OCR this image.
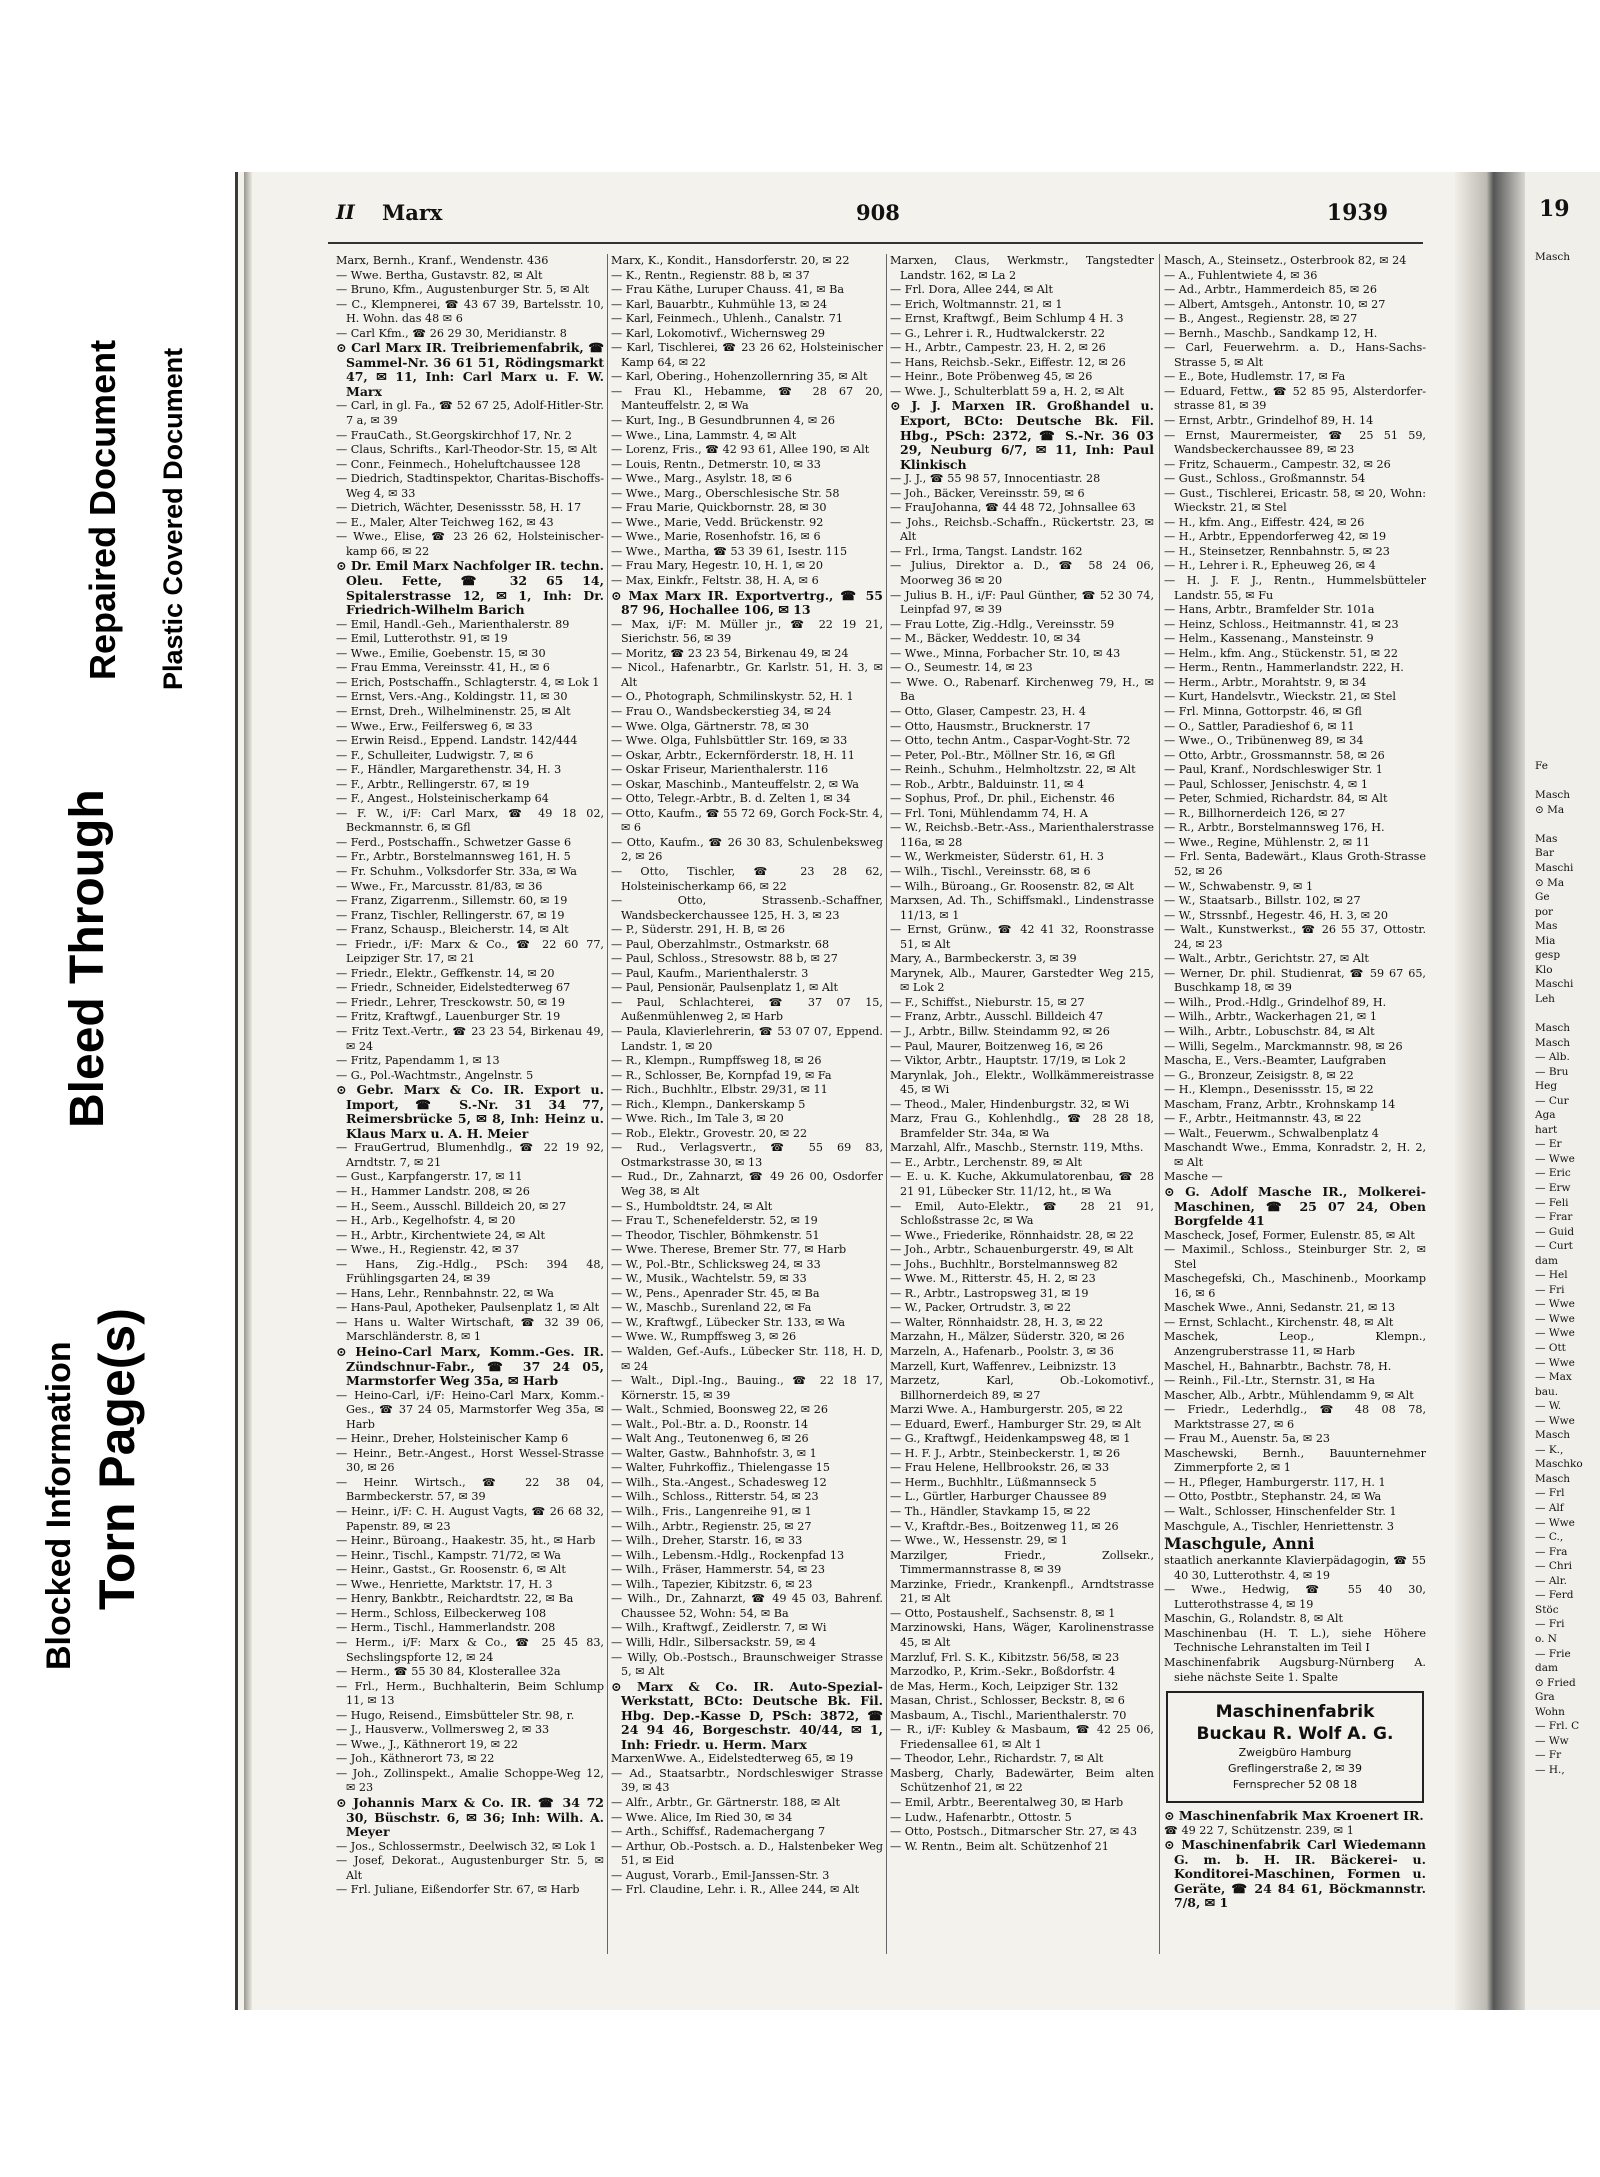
Blocked Information Torn Page(s)
Bleed Through
Repaired Document Plastic Covered Document
II Marx	908	1939

Marx, Bernh., Kranf., Wendenstr. 436

— Wwe. Bertha, Gustavstr. 82, ✉ Alt

— Bruno, Kfm., Augustenburger Str. 5, ✉ Alt

— C., Klempnerei, ☎ 43 67 39, Bartelsstr. 10, H. Wohn. das 48 ✉ 6

— Carl Kfm., ☎ 26 29 30, Meridianstr. 8

⊙ Carl Marx IR. Treibriemenfabrik, ☎ Sammel-Nr. 36 61 51, Rödingsmarkt 47, ✉ 11, Inh: Carl Marx u. F. W. Marx

— Carl, in gl. Fa., ☎ 52 67 25, Adolf-Hitler-Str. 7 a, ✉ 39

— FrauCath., St.Georgskirchhof 17, Nr. 2

— Claus, Schrifts., Karl-Theodor-Str. 15, ✉ Alt

— Conr., Feinmech., Hoheluftchaussee 128

— Diedrich, Stadtinspektor, Charitas-Bischoffs-Weg 4, ✉ 33

— Dietrich, Wächter, Desenissstr. 58, H. 17

— E., Maler, Alter Teichweg 162, ✉ 43

— Wwe., Elise, ☎ 23 26 62, Holsteinischer-kamp 66, ✉ 22

⊙ Dr. Emil Marx Nachfolger IR. techn. Oleu. Fette, ☎ 32 65 14, Spitalerstrasse 12, ✉ 1, Inh: Dr. Friedrich-Wilhelm Barich

— Emil, Handl.-Geh., Marienthalerstr. 89

— Emil, Lutterothstr. 91, ✉ 19

— Wwe., Emilie, Goebenstr. 15, ✉ 30

— Frau Emma, Vereinsstr. 41, H., ✉ 6

— Erich, Postschaffn., Schlagterstr. 4, ✉ Lok 1

— Ernst, Vers.-Ang., Koldingstr. 11, ✉ 30

— Ernst, Dreh., Wilhelminenstr. 25, ✉ Alt

— Wwe., Erw., Feilfersweg 6, ✉ 33

— Erwin Reisd., Eppend. Landstr. 142/444

— F., Schulleiter, Ludwigstr. 7, ✉ 6

— F., Händler, Margarethenstr. 34, H. 3

— F., Arbtr., Rellingerstr. 67, ✉ 19

— F., Angest., Holsteinischerkamp 64

— F. W., i/F: Carl Marx, ☎ 49 18 02, Beckmannstr. 6, ✉ Gfl

— Ferd., Postschaffn., Schwetzer Gasse 6

— Fr., Arbtr., Borstelmannsweg 161, H. 5

— Fr. Schuhm., Volksdorfer Str. 33a, ✉ Wa

— Wwe., Fr., Marcusstr. 81/83, ✉ 36

— Franz, Zigarrenm., Sillemstr. 60, ✉ 19

— Franz, Tischler, Rellingerstr. 67, ✉ 19

— Franz, Schausp., Bleicherstr. 14, ✉ Alt

— Friedr., i/F: Marx & Co., ☎ 22 60 77, Leipziger Str. 17, ✉ 21

— Friedr., Elektr., Geffkenstr. 14, ✉ 20

— Friedr., Schneider, Eidelstedterweg 67

— Friedr., Lehrer, Tresckowstr. 50, ✉ 19

— Fritz, Kraftwgf., Lauenburger Str. 19

— Fritz Text.-Vertr., ☎ 23 23 54, Birkenau 49, ✉ 24

— Fritz, Papendamm 1, ✉ 13

— G., Pol.-Wachtmstr., Angelnstr. 5

⊙ Gebr. Marx & Co. IR. Export u. Import, ☎ S.-Nr. 31 34 77, Reimersbrücke 5, ✉ 8, Inh: Heinz u. Klaus Marx u. A. H. Meier

— FrauGertrud, Blumenhdlg., ☎ 22 19 92, Arndtstr. 7, ✉ 21

— Gust., Karpfangerstr. 17, ✉ 11

— H., Hammer Landstr. 208, ✉ 26

— H., Seem., Ausschl. Billdeich 20, ✉ 27

— H., Arb., Kegelhofstr. 4, ✉ 20

— H., Arbtr., Kirchentwiete 24, ✉ Alt

— Wwe., H., Regienstr. 42, ✉ 37

— Hans, Zig.-Hdlg., PSch: 394 48, Frühlingsgarten 24, ✉ 39

— Hans, Lehr., Rennbahnstr. 22, ✉ Wa

— Hans-Paul, Apotheker, Paulsenplatz 1, ✉ Alt

— Hans u. Walter Wirtschaft, ☎ 32 39 06, Marschländerstr. 8, ✉ 1

⊙ Heino-Carl Marx, Komm.-Ges. IR. Zündschnur-Fabr., ☎ 37 24 05, Marmstorfer Weg 35a, ✉ Harb

— Heino-Carl, i/F: Heino-Carl Marx, Komm.-Ges., ☎ 37 24 05, Marmstorfer Weg 35a, ✉ Harb

— Heinr., Dreher, Holsteinischer Kamp 6

— Heinr., Betr.-Angest., Horst Wessel-Strasse 30, ✉ 26

— Heinr. Wirtsch., ☎ 22 38 04, Barmbeckerstr. 57, ✉ 39

— Heinr., i/F: C. H. August Vagts, ☎ 26 68 32, Papenstr. 89, ✉ 23

— Heinr., Büroang., Haakestr. 35, ht., ✉ Harb

— Heinr., Tischl., Kampstr. 71/72, ✉ Wa

— Heinr., Gastst., Gr. Roosenstr. 6, ✉ Alt

— Wwe., Henriette, Marktstr. 17, H. 3

— Henry, Bankbtr., Reichardtstr. 22, ✉ Ba

— Herm., Schloss, Eilbeckerweg 108

— Herm., Tischl., Hammerlandstr. 208

— Herm., i/F: Marx & Co., ☎ 25 45 83, Sechslingspforte 12, ✉ 24

— Herm., ☎ 55 30 84, Klosterallee 32a

— Frl., Herm., Buchhalterin, Beim Schlump 11, ✉ 13

— Hugo, Reisend., Eimsbütteler Str. 98, r.

— J., Hausverw., Vollmersweg 2, ✉ 33

— Wwe., J., Käthnerort 19, ✉ 22

— Joh., Käthnerort 73, ✉ 22

— Joh., Zollinspekt., Amalie Schoppe-Weg 12, ✉ 23

⊙ Johannis Marx & Co. IR. ☎ 34 72 30, Büschstr. 6, ✉ 36; Inh: Wilh. A. Meyer

— Jos., Schlossermstr., Deelwisch 32, ✉ Lok 1

— Josef, Dekorat., Augustenburger Str. 5, ✉ Alt

— Frl. Juliane, Eißendorfer Str. 67, ✉ Harb

Marx, K., Kondit., Hansdorferstr. 20, ✉ 22

— K., Rentn., Regienstr. 88 b, ✉ 37

— Frau Käthe, Luruper Chauss. 41, ✉ Ba

— Karl, Bauarbtr., Kuhmühle 13, ✉ 24

— Karl, Feinmech., Uhlenh., Canalstr. 71

— Karl, Lokomotivf., Wichernsweg 29

— Karl, Tischlerei, ☎ 23 26 62, Holsteinischer Kamp 64, ✉ 22

— Karl, Obering., Hohenzollernring 35, ✉ Alt

— Frau Kl., Hebamme, ☎ 28 67 20, Manteuffelstr. 2, ✉ Wa

— Kurt, Ing., B Gesundbrunnen 4, ✉ 26

— Wwe., Lina, Lammstr. 4, ✉ Alt

— Lorenz, Fris., ☎ 42 93 61, Allee 190, ✉ Alt

— Louis, Rentn., Detmerstr. 10, ✉ 33

— Wwe., Marg., Asylstr. 18, ✉ 6

— Wwe., Marg., Oberschlesische Str. 58

— Frau Marie, Quickbornstr. 28, ✉ 30

— Wwe., Marie, Vedd. Brückenstr. 92

— Wwe., Marie, Rosenhofstr. 16, ✉ 6

— Wwe., Martha, ☎ 53 39 61, Isestr. 115

— Frau Mary, Hegestr. 10, H. 1, ✉ 20

— Max, Einkfr., Feltstr. 38, H. A, ✉ 6

⊙ Max Marx IR. Exportvertrg., ☎ 55 87 96, Hochallee 106, ✉ 13

— Max, i/F: M. Müller jr., ☎ 22 19 21, Sierichstr. 56, ✉ 39

— Moritz, ☎ 23 23 54, Birkenau 49, ✉ 24

— Nicol., Hafenarbtr., Gr. Karlstr. 51, H. 3, ✉ Alt

— O., Photograph, Schmilinskystr. 52, H. 1

— Frau O., Wandsbeckerstieg 34, ✉ 24

— Wwe. Olga, Gärtnerstr. 78, ✉ 30

— Wwe. Olga, Fuhlsbüttler Str. 169, ✉ 33

— Oskar, Arbtr., Eckernförderstr. 18, H. 11

— Oskar Friseur, Marienthalerstr. 116

— Oskar, Maschinb., Manteuffelstr. 2, ✉ Wa

— Otto, Telegr.-Arbtr., B. d. Zelten 1, ✉ 34

— Otto, Kaufm., ☎ 55 72 69, Gorch Fock-Str. 4, ✉ 6

— Otto, Kaufm., ☎ 26 30 83, Schulenbeksweg 2, ✉ 26

— Otto, Tischler, ☎ 23 28 62, Holsteinischerkamp 66, ✉ 22

— Otto, Strassenb.-Schaffner, Wandsbeckerchaussee 125, H. 3, ✉ 23

— P., Süderstr. 291, H. B, ✉ 26

— Paul, Oberzahlmstr., Ostmarkstr. 68

— Paul, Schloss., Stresowstr. 88 b, ✉ 27

— Paul, Kaufm., Marienthalerstr. 3

— Paul, Pensionär, Paulsenplatz 1, ✉ Alt

— Paul, Schlachterei, ☎ 37 07 15, Außenmühlenweg 2, ✉ Harb

— Paula, Klavierlehrerin, ☎ 53 07 07, Eppend. Landstr. 1, ✉ 20

— R., Klempn., Rumpffsweg 18, ✉ 26

— R., Schlosser, Be, Kornpfad 19, ✉ Fa

— Rich., Buchhltr., Elbstr. 29/31, ✉ 11

— Rich., Klempn., Dankerskamp 5

— Wwe. Rich., Im Tale 3, ✉ 20

— Rob., Elektr., Grovestr. 20, ✉ 22

— Rud., Verlagsvertr., ☎ 55 69 83, Ostmarkstrasse 30, ✉ 13

— Rud., Dr., Zahnarzt, ☎ 49 26 00, Osdorfer Weg 38, ✉ Alt

— S., Humboldtstr. 24, ✉ Alt

— Frau T., Schenefelderstr. 52, ✉ 19

— Theodor, Tischler, Böhmkenstr. 51

— Wwe. Therese, Bremer Str. 77, ✉ Harb

— W., Pol.-Btr., Schlicksweg 24, ✉ 33

— W., Musik., Wachtelstr. 59, ✉ 33

— W., Pens., Apenrader Str. 45, ✉ Ba

— W., Maschb., Surenland 22, ✉ Fa

— W., Kraftwgf., Lübecker Str. 133, ✉ Wa

— Wwe. W., Rumpffsweg 3, ✉ 26

— Walden, Gef.-Aufs., Lübecker Str. 118, H. D, ✉ 24

— Walt., Dipl.-Ing., Bauing., ☎ 22 18 17, Körnerstr. 15, ✉ 39

— Walt., Schmied, Boonsweg 22, ✉ 26

— Walt., Pol.-Btr. a. D., Roonstr. 14

— Walt Ang., Teutonenweg 6, ✉ 26

— Walter, Gastw., Bahnhofstr. 3, ✉ 1

— Walter, Fuhrkoffiz., Thielengasse 15

— Wilh., Sta.-Angest., Schadesweg 12

— Wilh., Schloss., Ritterstr. 54, ✉ 23

— Wilh., Fris., Langenreihe 91, ✉ 1

— Wilh., Arbtr., Regienstr. 25, ✉ 27

— Wilh., Dreher, Starstr. 16, ✉ 33

— Wilh., Lebensm.-Hdlg., Rockenpfad 13

— Wilh., Fräser, Hammerstr. 54, ✉ 23

— Wilh., Tapezier, Kibitzstr. 6, ✉ 23

— Wilh., Dr., Zahnarzt, ☎ 49 45 03, Bahrenf. Chaussee 52, Wohn: 54, ✉ Ba

— Wilh., Kraftwgf., Zeidlerstr. 7, ✉ Wi

— Willi, Hdlr., Silbersackstr. 59, ✉ 4

— Willy, Ob.-Postsch., Braunschweiger Strasse 5, ✉ Alt

⊙ Marx & Co. IR. Auto-Spezial-Werkstatt, BCto: Deutsche Bk. Fil. Hbg. Dep.-Kasse D, PSch: 3872, ☎ 24 94 46, Borgeschstr. 40/44, ✉ 1, Inh: Friedr. u. Herm. Marx

MarxenWwe. A., Eidelstedterweg 65, ✉ 19

— Ad., Staatsarbtr., Nordschleswiger Strasse 39, ✉ 43

— Alfr., Arbtr., Gr. Gärtnerstr. 188, ✉ Alt

— Wwe. Alice, Im Ried 30, ✉ 34

— Arth., Schiffsf., Rademachergang 7

— Arthur, Ob.-Postsch. a. D., Halstenbeker Weg 51, ✉ Eid

— August, Vorarb., Emil-Janssen-Str. 3

— Frl. Claudine, Lehr. i. R., Allee 244, ✉ Alt

Marxen, Claus, Werkmstr., Tangstedter Landstr. 162, ✉ La 2

— Frl. Dora, Allee 244, ✉ Alt

— Erich, Woltmannstr. 21, ✉ 1

— Ernst, Kraftwgf., Beim Schlump 4 H. 3

— G., Lehrer i. R., Hudtwalckerstr. 22

— H., Arbtr., Campestr. 23, H. 2, ✉ 26

— Hans, Reichsb.-Sekr., Eiffestr. 12, ✉ 26

— Heinr., Bote Pröbenweg 45, ✉ 26

— Wwe. J., Schulterblatt 59 a, H. 2, ✉ Alt

⊙ J. J. Marxen IR. Großhandel u. Export, BCto: Deutsche Bk. Fil. Hbg., PSch: 2372, ☎ S.-Nr. 36 03 29, Neuburg 6/7, ✉ 11, Inh: Paul Klinkisch

— J. J., ☎ 55 98 57, Innocentiastr. 28

— Joh., Bäcker, Vereinsstr. 59, ✉ 6

— FrauJohanna, ☎ 44 48 72, Johnsallee 63

— Johs., Reichsb.-Schaffn., Rückertstr. 23, ✉ Alt

— Frl., Irma, Tangst. Landstr. 162

— Julius, Direktor a. D., ☎ 58 24 06, Moorweg 36 ✉ 20

— Julius B. H., i/F: Paul Günther, ☎ 52 30 74, Leinpfad 97, ✉ 39

— Frau Lotte, Zig.-Hdlg., Vereinsstr. 59

— M., Bäcker, Weddestr. 10, ✉ 34

— Wwe., Minna, Forbacher Str. 10, ✉ 43

— O., Seumestr. 14, ✉ 23

— Wwe. O., Rabenarf. Kirchenweg 79, H., ✉ Ba

— Otto, Glaser, Campestr. 23, H. 4

— Otto, Hausmstr., Brucknerstr. 17

— Otto, techn Antm., Caspar-Voght-Str. 72

— Peter, Pol.-Btr., Möllner Str. 16, ✉ Gfl

— Reinh., Schuhm., Helmholtzstr. 22, ✉ Alt

— Rob., Arbtr., Balduinstr. 11, ✉ 4

— Sophus, Prof., Dr. phil., Eichenstr. 46

— Frl. Toni, Mühlendamm 74, H. A

— W., Reichsb.-Betr.-Ass., Marienthalerstrasse 116a, ✉ 28

— W., Werkmeister, Süderstr. 61, H. 3

— Wilh., Tischl., Vereinsstr. 68, ✉ 6

— Wilh., Büroang., Gr. Roosenstr. 82, ✉ Alt

Marxsen, Ad. Th., Schiffsmakl., Lindenstrasse 11/13, ✉ 1

— Ernst, Grünw., ☎ 42 41 32, Roonstrasse 51, ✉ Alt

Mary, A., Barmbeckerstr. 3, ✉ 39

Marynek, Alb., Maurer, Garstedter Weg 215, ✉ Lok 2

— F., Schiffst., Nieburstr. 15, ✉ 27

— Franz, Arbtr., Ausschl. Billdeich 47

— J., Arbtr., Billw. Steindamm 92, ✉ 26

— Paul, Maurer, Boitzenweg 16, ✉ 26

— Viktor, Arbtr., Hauptstr. 17/19, ✉ Lok 2

Marynlak, Joh., Elektr., Wollkämmereistrasse 45, ✉ Wi

— Theod., Maler, Hindenburgstr. 32, ✉ Wi

Marz, Frau G., Kohlenhdlg., ☎ 28 28 18, Bramfelder Str. 34a, ✉ Wa

Marzahl, Alfr., Maschb., Sternstr. 119, Mths.

— E., Arbtr., Lerchenstr. 89, ✉ Alt

— E. u. K. Kuche, Akkumulatorenbau, ☎ 28 21 91, Lübecker Str. 11/12, ht., ✉ Wa

— Emil, Auto-Elektr., ☎ 28 21 91, Schloßstrasse 2c, ✉ Wa

— Wwe., Friederike, Rönnhaidstr. 28, ✉ 22

— Joh., Arbtr., Schauenburgerstr. 49, ✉ Alt

— Johs., Buchhltr., Borstelmannsweg 82

— Wwe. M., Ritterstr. 45, H. 2, ✉ 23

— R., Arbtr., Lastropsweg 31, ✉ 19

— W., Packer, Ortrudstr. 3, ✉ 22

— Walter, Rönnhaidstr. 28, H. 3, ✉ 22

Marzahn, H., Mälzer, Süderstr. 320, ✉ 26

Marzeln, A., Hafenarb., Poolstr. 3, ✉ 36

Marzell, Kurt, Waffenrev., Leibnizstr. 13

Marzetz, Karl, Ob.-Lokomotivf., Billhornerdeich 89, ✉ 27

Marzi Wwe. A., Hamburgerstr. 205, ✉ 22

— Eduard, Ewerf., Hamburger Str. 29, ✉ Alt

— G., Kraftwgf., Heidenkampsweg 48, ✉ 1

— H. F. J., Arbtr., Steinbeckerstr. 1, ✉ 26

— Frau Helene, Hellbrookstr. 26, ✉ 33

— Herm., Buchhltr., Lüßmannseck 5

— L., Gürtler, Harburger Chaussee 89

— Th., Händler, Stavkamp 15, ✉ 22

— V., Kraftdr.-Bes., Boitzenweg 11, ✉ 26

— Wwe., W., Hessenstr. 29, ✉ 1

Marzilger, Friedr., Zollsekr., Timmermannstrasse 8, ✉ 39

Marzinke, Friedr., Krankenpfl., Arndtstrasse 21, ✉ Alt

— Otto, Postaushelf., Sachsenstr. 8, ✉ 1

Marzinowski, Hans, Wäger, Karolinenstrasse 45, ✉ Alt

Marzluf, Frl. S. K., Kibitzstr. 56/58, ✉ 23

Marzodko, P., Krim.-Sekr., Boßdorfstr. 4

de Mas, Herm., Koch, Leipziger Str. 132

Masan, Christ., Schlosser, Beckstr. 8, ✉ 6

Masbaum, A., Tischl., Marienthalerstr. 70

— R., i/F: Kubley & Masbaum, ☎ 42 25 06, Friedensallee 61, ✉ Alt 1

— Theodor, Lehr., Richardstr. 7, ✉ Alt

Masberg, Charly, Badewärter, Beim alten Schützenhof 21, ✉ 22

— Emil, Arbtr., Beerentalweg 30, ✉ Harb

— Ludw., Hafenarbtr., Ottostr. 5

— Otto, Postsch., Ditmarscher Str. 27, ✉ 43

— W. Rentn., Beim alt. Schützenhof 21

Masch, A., Steinsetz., Osterbrook 82, ✉ 24

— A., Fuhlentwiete 4, ✉ 36

— Ad., Arbtr., Hammerdeich 85, ✉ 26

— Albert, Amtsgeh., Antonstr. 10, ✉ 27

— B., Angest., Regienstr. 28, ✉ 27

— Bernh., Maschb., Sandkamp 12, H.

— Carl, Feuerwehrm. a. D., Hans-Sachs-Strasse 5, ✉ Alt

— E., Bote, Hudlemstr. 17, ✉ Fa

— Eduard, Fettw., ☎ 52 85 95, Alsterdorfer-strasse 81, ✉ 39

— Ernst, Arbtr., Grindelhof 89, H. 14

— Ernst, Maurermeister, ☎ 25 51 59, Wandsbeckerchaussee 89, ✉ 23

— Fritz, Schauerm., Campestr. 32, ✉ 26

— Gust., Schloss., Großmannstr. 54

— Gust., Tischlerei, Ericastr. 58, ✉ 20, Wohn: Wieckstr. 21, ✉ Stel

— H., kfm. Ang., Eiffestr. 424, ✉ 26

— H., Arbtr., Eppendorferweg 42, ✉ 19

— H., Steinsetzer, Rennbahnstr. 5, ✉ 23

— H., Lehrer i. R., Epheuweg 26, ✉ 4

— H. J. F. J., Rentn., Hummelsbütteler Landstr. 55, ✉ Fu

— Hans, Arbtr., Bramfelder Str. 101a

— Heinz, Schloss., Heitmannstr. 41, ✉ 23

— Helm., Kassenang., Mansteinstr. 9

— Helm., kfm. Ang., Stückenstr. 51, ✉ 22

— Herm., Rentn., Hammerlandstr. 222, H.

— Herm., Arbtr., Morahtstr. 9, ✉ 34

— Kurt, Handelsvtr., Wieckstr. 21, ✉ Stel

— Frl. Minna, Gottorpstr. 46, ✉ Gfl

— O., Sattler, Paradieshof 6, ✉ 11

— Wwe., O., Tribünenweg 89, ✉ 34

— Otto, Arbtr., Grossmannstr. 58, ✉ 26

— Paul, Kranf., Nordschleswiger Str. 1

— Paul, Schlosser, Jenischstr. 4, ✉ 1

— Peter, Schmied, Richardstr. 84, ✉ Alt

— R., Billhornerdeich 126, ✉ 27

— R., Arbtr., Borstelmannsweg 176, H.

— Wwe., Regine, Mühlenstr. 2, ✉ 11

— Frl. Senta, Badewärt., Klaus Groth-Strasse 52, ✉ 26

— W., Schwabenstr. 9, ✉ 1

— W., Staatsarb., Billstr. 102, ✉ 27

— W., Strssnbf., Hegestr. 46, H. 3, ✉ 20

— Walt., Kunstwerkst., ☎ 26 55 37, Ottostr. 24, ✉ 23

— Walt., Arbtr., Gerichtstr. 27, ✉ Alt

— Werner, Dr. phil. Studienrat, ☎ 59 67 65, Buschkamp 18, ✉ 39

— Wilh., Prod.-Hdlg., Grindelhof 89, H.

— Wilh., Arbtr., Wackerhagen 21, ✉ 1

— Wilh., Arbtr., Lobuschstr. 84, ✉ Alt

— Willi, Segelm., Marckmannstr. 98, ✉ 26

Mascha, E., Vers.-Beamter, Laufgraben

— G., Bronzeur, Zeisigstr. 8, ✉ 22

— H., Klempn., Desenissstr. 15, ✉ 22

Mascham, Franz, Arbtr., Krohnskamp 14

— F., Arbtr., Heitmannstr. 43, ✉ 22

— Walt., Feuerwm., Schwalbenplatz 4

Maschandt Wwe., Emma, Konradstr. 2, H. 2, ✉ Alt

Masche —

⊙ G. Adolf Masche IR., Molkerei-Maschinen, ☎ 25 07 24, Oben Borgfelde 41

Mascheck, Josef, Former, Eulenstr. 85, ✉ Alt

— Maximil., Schloss., Steinburger Str. 2, ✉ Stel

Maschegefski, Ch., Maschinenb., Moorkamp 16, ✉ 6

Maschek Wwe., Anni, Sedanstr. 21, ✉ 13

— Ernst, Schlacht., Kirchenstr. 48, ✉ Alt

Maschek, Leop., Klempn., Anzengruberstrasse 11, ✉ Harb

Maschel, H., Bahnarbtr., Bachstr. 78, H.

— Reinh., Fil.-Ltr., Sternstr. 31, ✉ Ha

Mascher, Alb., Arbtr., Mühlendamm 9, ✉ Alt

— Friedr., Lederhdlg., ☎ 48 08 78, Marktstrasse 27, ✉ 6

— Frau M., Auenstr. 5a, ✉ 23

Maschewski, Bernh., Bauunternehmer Zimmerpforte 2, ✉ 1

— H., Pfleger, Hamburgerstr. 117, H. 1

— Otto, Postbtr., Stephanstr. 24, ✉ Wa

— Walt., Schlosser, Hinschenfelder Str. 1

Maschgule, A., Tischler, Henriettenstr. 3

Maschgule, Anni

staatlich anerkannte Klavierpädagogin, ☎ 55 40 30, Lutterothstr. 4, ✉ 19

— Wwe., Hedwig, ☎ 55 40 30, Lutterothstrasse 4, ✉ 19

Maschin, G., Rolandstr. 8, ✉ Alt

Maschinenbau (H. T. L.), siehe Höhere Technische Lehranstalten im Teil I

Maschinenfabrik Augsburg-Nürnberg A. siehe nächste Seite 1. Spalte

Maschinenfabrik
Buckau R. Wolf A. G.
Zweigbüro Hamburg
Greflingerstraße 2, ✉ 39
Fernsprecher 52 08 18

⊙ Maschinenfabrik Max Kroenert IR.

☎ 49 22 7, Schützenstr. 239, ✉ 1

⊙ Maschinenfabrik Carl Wiedemann G. m. b. H. IR. Bäckerei- u. Konditorei-Maschinen, Formen u. Geräte, ☎ 24 84 61, Böckmannstr. 7/8, ✉ 1

19
Masch
Fe
Masch
⊙ Ma
Mas
Bar
Maschi
⊙ Ma
Ge
por
Mas
Mia
gesp
Klo
Maschi
Leh
Masch
Masch
— Alb.
— Bru
Heg
— Cur
Aga
hart
— Er
— Wwe
— Eric
— Erw
— Feli
— Frar
— Guid
— Curt
dam
— Hel
— Fri
— Wwe
— Wwe
— Wwe
— Ott
— Wwe
— Max
bau.
— W.
— Wwe
Masch
— K.,
Maschko
Masch
— Frl
— Alf
— Wwe
— C.,
— Fra
— Chri
— Alr.
— Ferd
Stöc
— Fri
o. N
— Frie
dam
⊙ Fried
Gra
Wohn
— Frl. C
— Ww
— Fr
— H.,
